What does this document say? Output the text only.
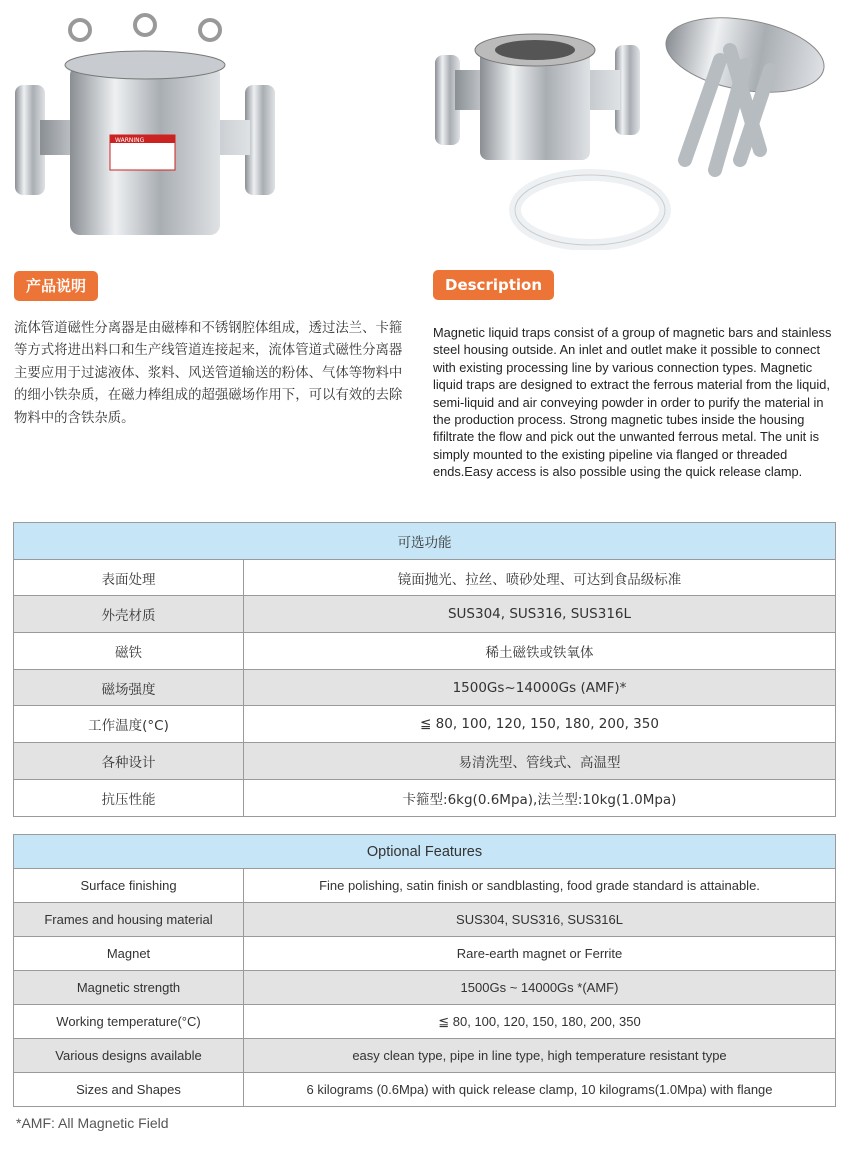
WARNING
产品说明	Description
流体管道磁性分离器是由磁棒和不锈钢腔体组成，透过法兰、卡箍等方式将进出料口和生产线管道连接起来，流体管道式磁性分离器主要应用于过滤液体、浆料、风送管道输送的粉体、气体等物料中的细小铁杂质，在磁力棒组成的超强磁场作用下，可以有效的去除物料中的含铁杂质。
Magnetic liquid traps consist of a group of magnetic bars and stainless steel housing outside. An inlet and outlet make it possible to connect with existing processing line by various connection types. Magnetic liquid traps are designed to extract the ferrous material from the liquid, semi-liquid and air conveying powder in order to purify the material in the production process. Strong magnetic tubes inside the housing fifiltrate the flow and pick out the unwanted ferrous metal. The unit is simply mounted to the existing pipeline via flanged or threaded ends.Easy access is also possible using the quick release clamp.
可选功能	
表面处理	镜面抛光、拉丝、喷砂处理、可达到食品级标准
外壳材质	SUS304, SUS316, SUS316L
磁铁	稀土磁铁或铁氧体
磁场强度	1500Gs~14000Gs (AMF)*
工作温度(°C)	≦ 80, 100, 120, 150, 180, 200, 350
各种设计	易清洗型、管线式、高温型
抗压性能	卡箍型:6kg(0.6Mpa),法兰型:10kg(1.0Mpa)
Optional Features	
Surface finishing	Fine polishing, satin finish or sandblasting, food grade standard is attainable.
Frames and housing material	SUS304, SUS316, SUS316L
Magnet	Rare-earth magnet or Ferrite
Magnetic strength	1500Gs ~ 14000Gs *(AMF)
Working temperature(°C)	≦ 80, 100, 120, 150, 180, 200, 350
Various designs available	easy clean type, pipe in line type, high temperature resistant type
Sizes and Shapes	6 kilograms (0.6Mpa) with quick release clamp, 10 kilograms(1.0Mpa) with flange
*AMF: All Magnetic Field
